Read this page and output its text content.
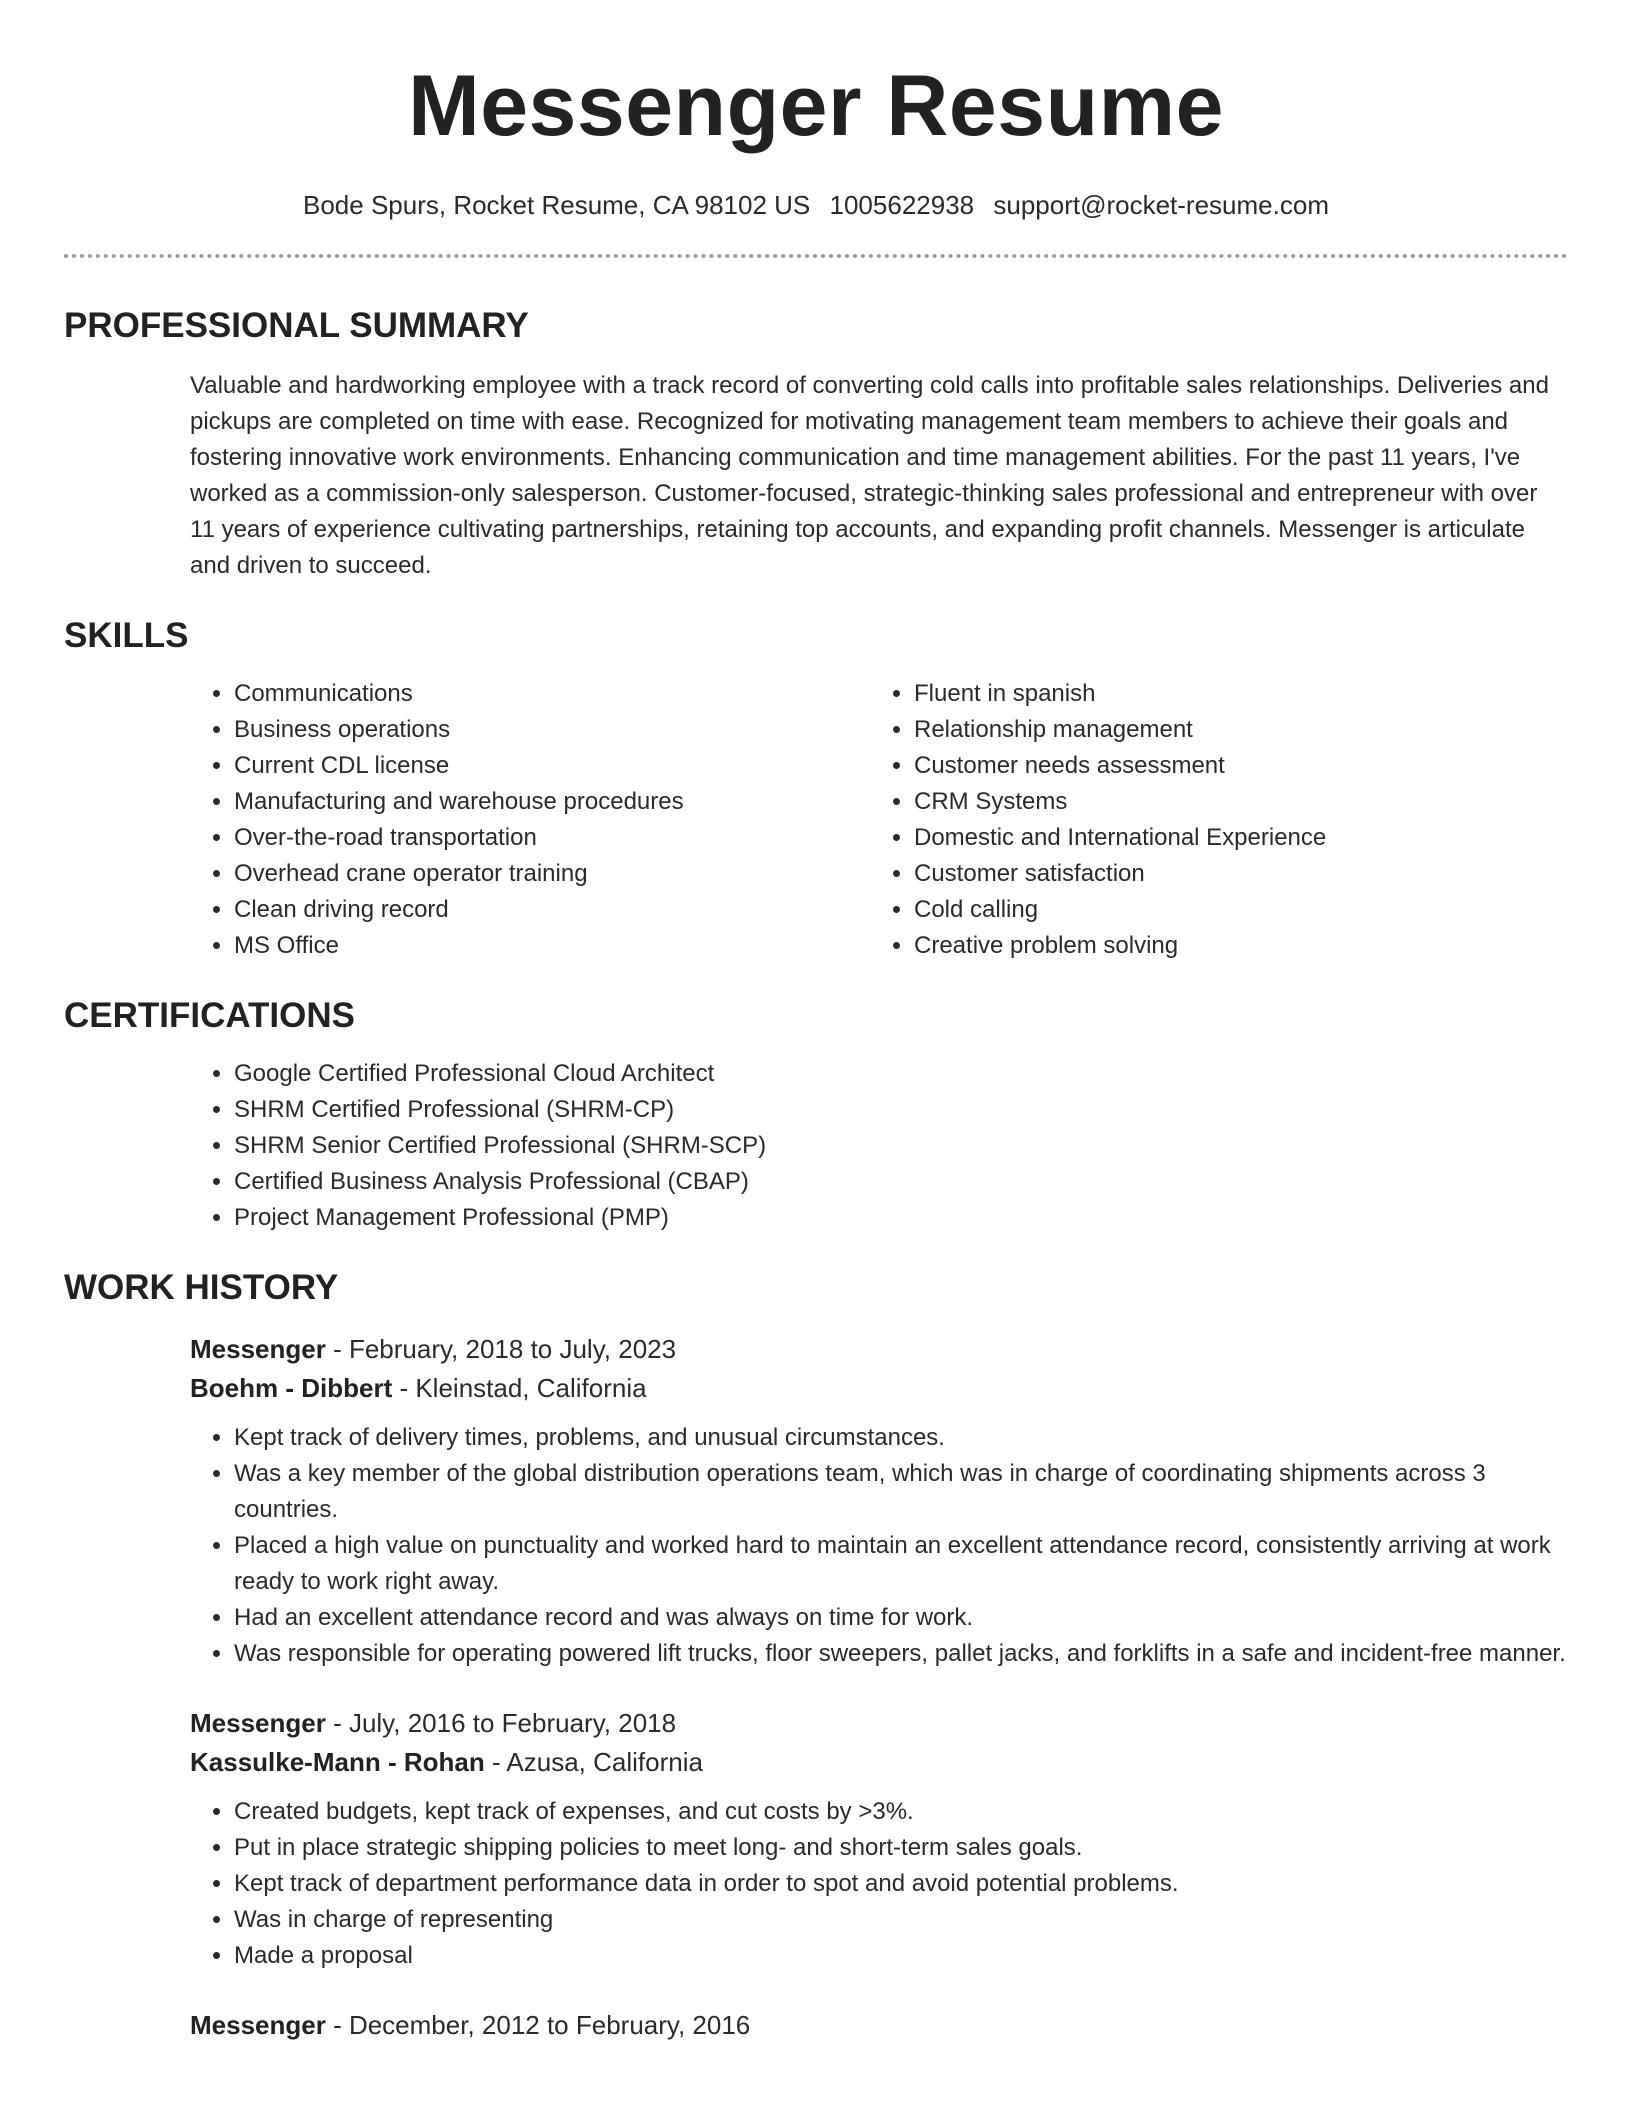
Messenger Resume
Bode Spurs, Rocket Resume, CA 98102 US 1005622938 support@rocket-resume.com
PROFESSIONAL SUMMARY

Valuable and hardworking employee with a track record of converting cold calls into profitable sales relationships. Deliveries and pickups are completed on time with ease. Recognized for motivating management team members to achieve their goals and fostering innovative work environments. Enhancing communication and time management abilities. For the past 11 years, I've worked as a commission-only salesperson. Customer-focused, strategic-thinking sales professional and entrepreneur with over 11 years of experience cultivating partnerships, retaining top accounts, and expanding profit channels. Messenger is articulate and driven to succeed.

SKILLS
• Communications
• Business operations
• Current CDL license
• Manufacturing and warehouse procedures
• Over-the-road transportation
• Overhead crane operator training
• Clean driving record
• MS Office
• Fluent in spanish
• Relationship management
• Customer needs assessment
• CRM Systems
• Domestic and International Experience
• Customer satisfaction
• Cold calling
• Creative problem solving
CERTIFICATIONS
• Google Certified Professional Cloud Architect
• SHRM Certified Professional (SHRM-CP)
• SHRM Senior Certified Professional (SHRM-SCP)
• Certified Business Analysis Professional (CBAP)
• Project Management Professional (PMP)
WORK HISTORY
Messenger - February, 2018 to July, 2023
Boehm - Dibbert - Kleinstad, California
• Kept track of delivery times, problems, and unusual circumstances.
• Was a key member of the global distribution operations team, which was in charge of coordinating shipments across 3 countries.
• Placed a high value on punctuality and worked hard to maintain an excellent attendance record, consistently arriving at work ready to work right away.
• Had an excellent attendance record and was always on time for work.
• Was responsible for operating powered lift trucks, floor sweepers, pallet jacks, and forklifts in a safe and incident-free manner.
Messenger - July, 2016 to February, 2018
Kassulke-Mann - Rohan - Azusa, California
• Created budgets, kept track of expenses, and cut costs by >3%.
• Put in place strategic shipping policies to meet long- and short-term sales goals.
• Kept track of department performance data in order to spot and avoid potential problems.
• Was in charge of representing
• Made a proposal
Messenger - December, 2012 to February, 2016
